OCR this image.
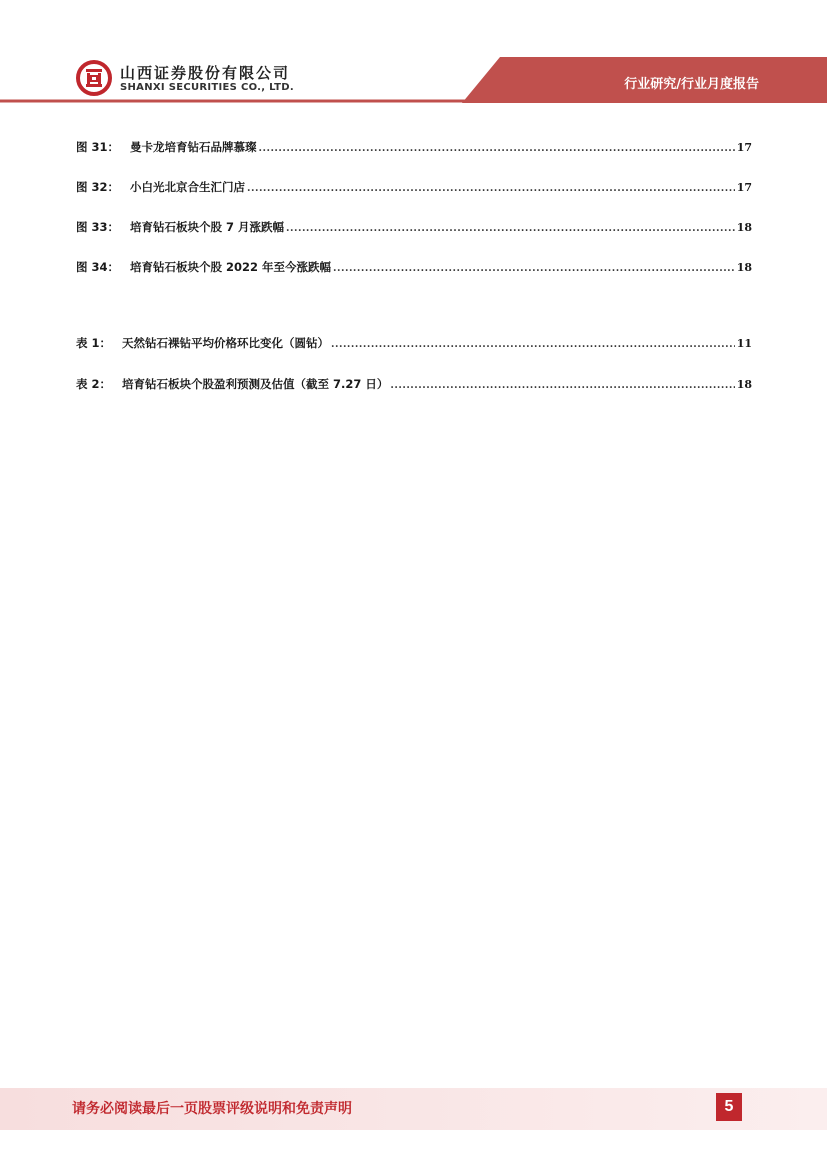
山西证券股份有限公司
SHANXI SECURITIES CO., LTD.	行业研究/行业月度报告
图 31： 曼卡龙培育钻石品牌慕璨 .....	17
图 32： 小白光北京合生汇门店 .....	17
图 33： 培育钻石板块个股 7 月涨跌幅 .....	18
图 34： 培育钻石板块个股 2022 年至今涨跌幅 .....	18
表 1： 天然钻石裸钻平均价格环比变化（圆钻） .....	11
表 2： 培育钻石板块个股盈利预测及估值（截至 7.27 日） .....	18
请务必阅读最后一页股票评级说明和免责声明	5
